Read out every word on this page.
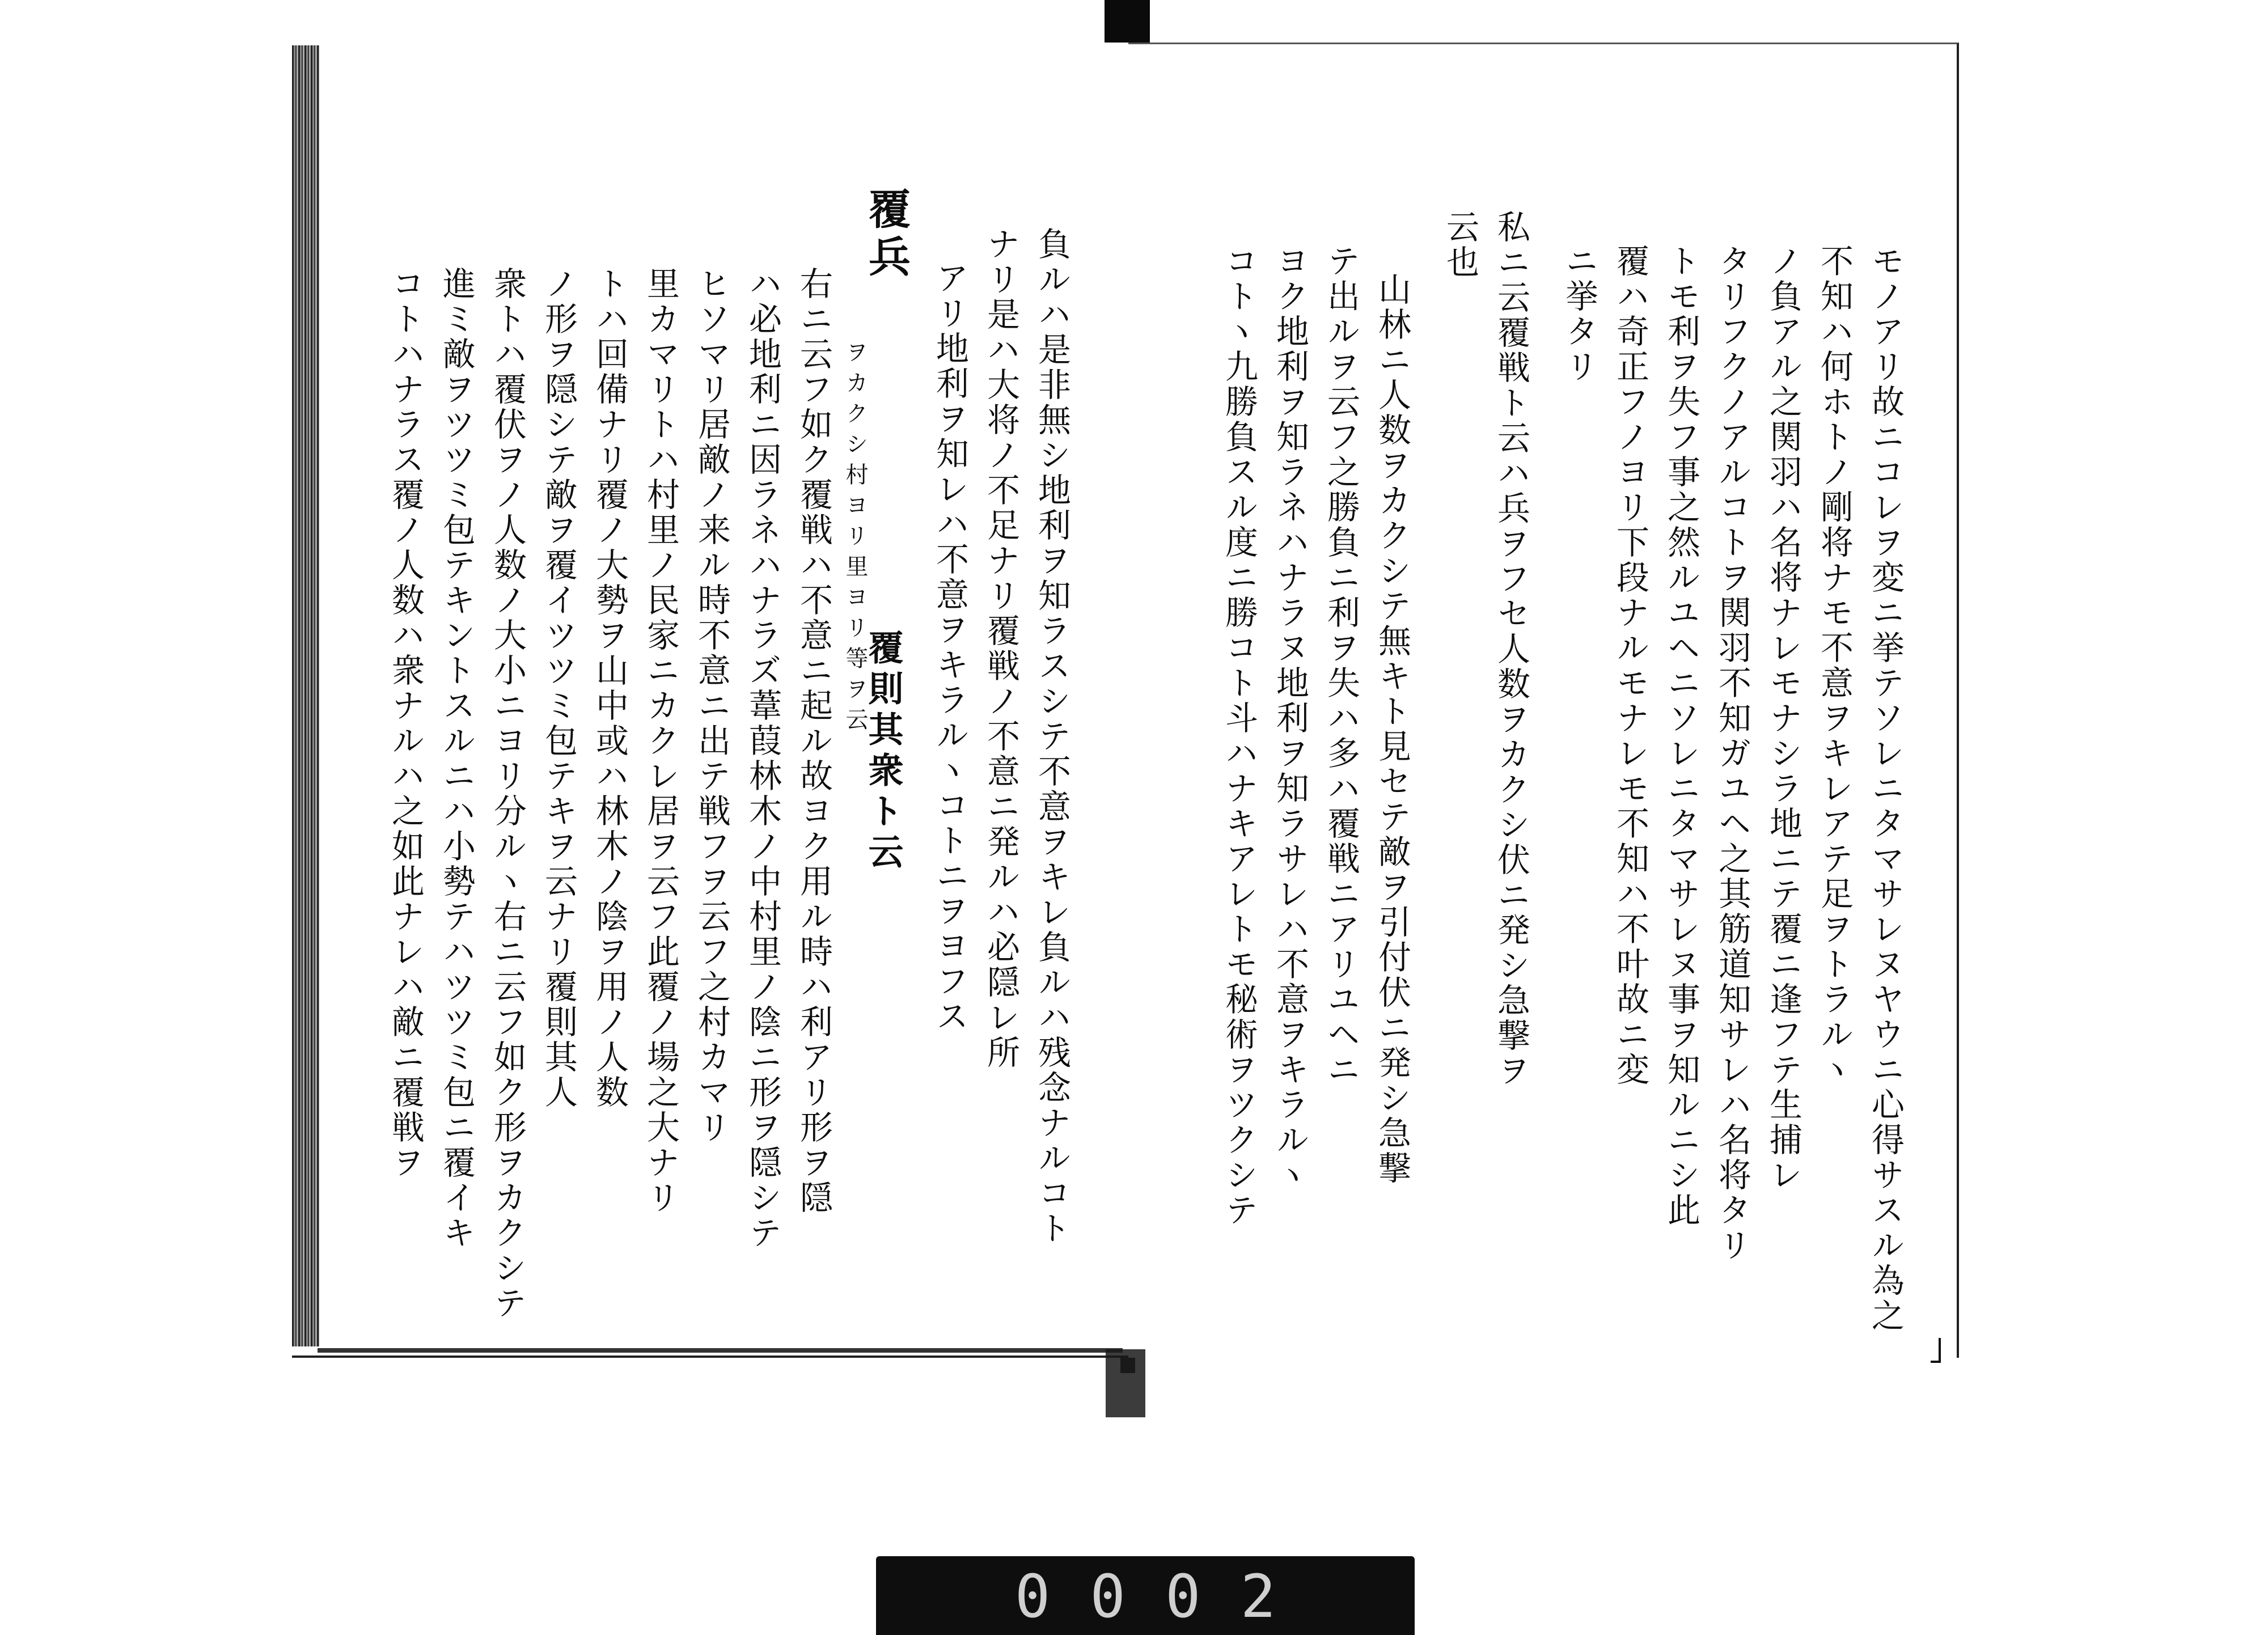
モノアリ故ニコレヲ変ニ挙テソレニタマサレヌヤウニ心得サスル為之
不知ハ何ホトノ剛将ナモ不意ヲキレアテ足ヲトラルヽ
ノ負アル之関羽ハ名将ナレモナシラ地ニテ覆ニ逢フテ生捕レ
タリフクノアルコトヲ関羽不知ガユヘ之其筋道知サレハ名将タリ
トモ利ヲ失フ事之然ルユヘニソレニタマサレヌ事ヲ知ルニシ此
覆ハ奇正フノヨリ下段ナルモナレモ不知ハ不叶故ニ変
ニ挙タリ
私ニ云覆戦ト云ハ兵ヲフセ人数ヲカクシ伏ニ発シ急撃ヲ
云也
山林ニ人数ヲカクシテ無キト見セテ敵ヲ引付伏ニ発シ急撃
テ出ルヲ云フ之勝負ニ利ヲ失ハ多ハ覆戦ニアリユヘニ
ヨク地利ヲ知ラネハナラヌ地利ヲ知ラサレハ不意ヲキラルヽ
コトヽ九勝負スル度ニ勝コト斗ハナキアレトモ秘術ヲツクシテ
負ルハ是非無シ地利ヲ知ラスシテ不意ヲキレ負ルハ残念ナルコト
ナリ是ハ大将ノ不足ナリ覆戦ノ不意ニ発ルハ必隠レ所
アリ地利ヲ知レハ不意ヲキラルヽコトニヲヨフス
覆兵
ヲカクシ村ヨリ里ヨリ等ヲ云
覆則其衆ト云
右ニ云フ如ク覆戦ハ不意ニ起ル故ヨク用ル時ハ利アリ形ヲ隠
ハ必地利ニ因ラネハナラズ葦葭林木ノ中村里ノ陰ニ形ヲ隠シテ
ヒソマリ居敵ノ来ル時不意ニ出テ戦フヲ云フ之村カマリ
里カマリトハ村里ノ民家ニカクレ居ヲ云フ此覆ノ場之大ナリ
トハ回備ナリ覆ノ大勢ヲ山中或ハ林木ノ陰ヲ用ノ人数
ノ形ヲ隠シテ敵ヲ覆イツツミ包テキヲ云ナリ覆則其人
衆トハ覆伏ヲノ人数ノ大小ニヨリ分ルヽ右ニ云フ如ク形ヲカクシテ
進ミ敵ヲツツミ包テキントスルニハ小勢テハツツミ包ニ覆イキ
コトハナラス覆ノ人数ハ衆ナルハ之如此ナレハ敵ニ覆戦ヲ
0002
